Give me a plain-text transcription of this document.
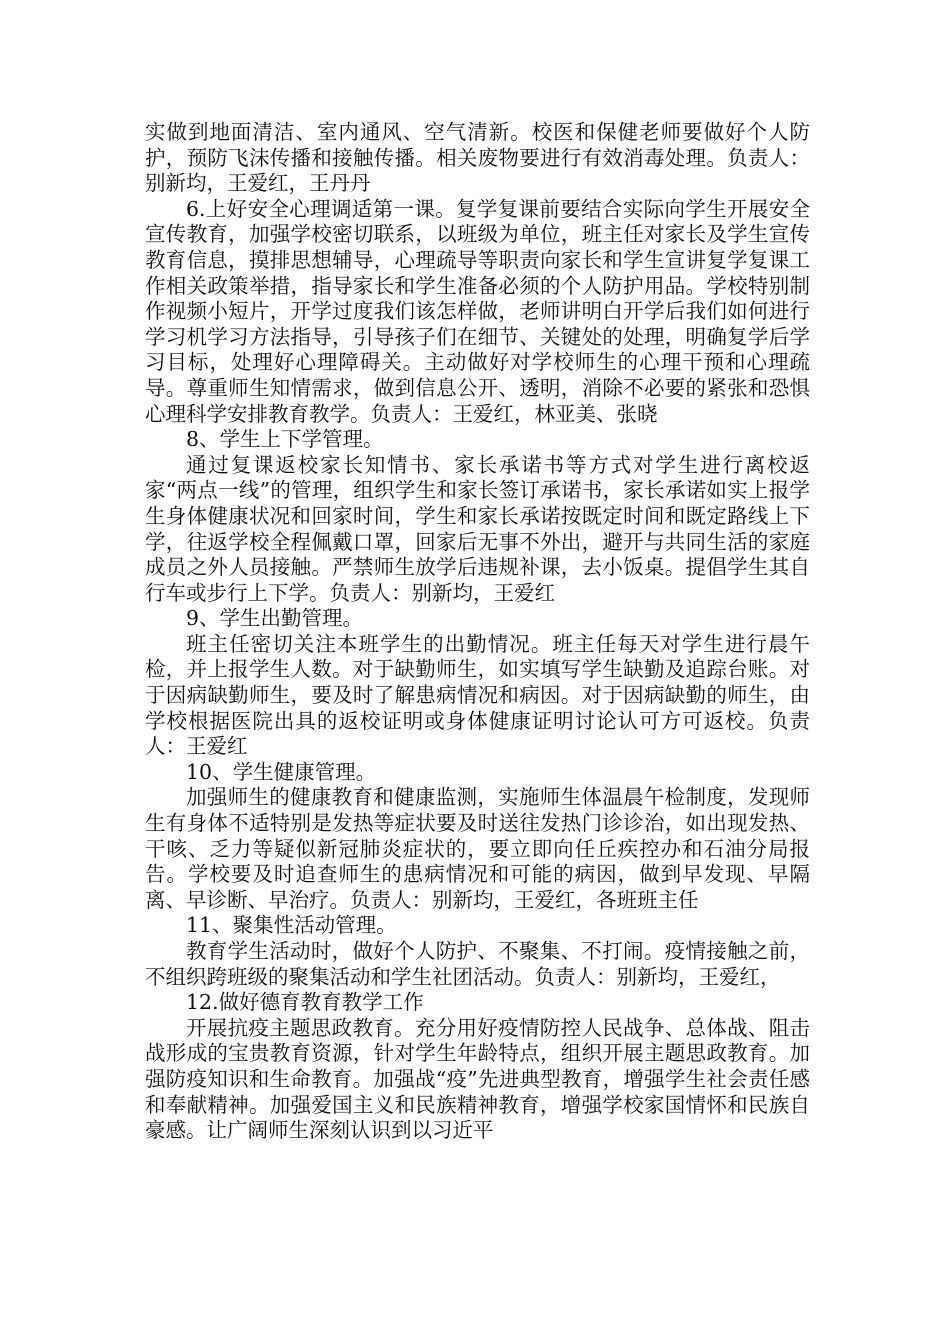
实做到地面清洁、室内通风、空气清新。校医和保健老师要做好个人防护，预防飞沫传播和接触传播。相关废物要进行有效消毒处理。负责人：别新均，王爱红，王丹丹

6.上好安全心理调适第一课。复学复课前要结合实际向学生开展安全宣传教育，加强学校密切联系，以班级为单位，班主任对家长及学生宣传教育信息，摸排思想辅导，心理疏导等职责向家长和学生宣讲复学复课工作相关政策举措，指导家长和学生准备必须的个人防护用品。学校特别制作视频小短片，开学过度我们该怎样做，老师讲明白开学后我们如何进行学习机学习方法指导，引导孩子们在细节、关键处的处理，明确复学后学习目标，处理好心理障碍关。主动做好对学校师生的心理干预和心理疏导。尊重师生知情需求，做到信息公开、透明，消除不必要的紧张和恐惧心理科学安排教育教学。负责人：王爱红，林亚美、张晓

8、学生上下学管理。

通过复课返校家长知情书、家长承诺书等方式对学生进行离校返家“两点一线”的管理，组织学生和家长签订承诺书，家长承诺如实上报学生身体健康状况和回家时间，学生和家长承诺按既定时间和既定路线上下学，往返学校全程佩戴口罩，回家后无事不外出，避开与共同生活的家庭成员之外人员接触。严禁师生放学后违规补课，去小饭桌。提倡学生其自行车或步行上下学。负责人：别新均，王爱红

9、学生出勤管理。

班主任密切关注本班学生的出勤情况。班主任每天对学生进行晨午检，并上报学生人数。对于缺勤师生，如实填写学生缺勤及追踪台账。对于因病缺勤师生，要及时了解患病情况和病因。对于因病缺勤的师生，由学校根据医院出具的返校证明或身体健康证明讨论认可方可返校。负责人：王爱红

10、学生健康管理。

加强师生的健康教育和健康监测，实施师生体温晨午检制度，发现师生有身体不适特别是发热等症状要及时送往发热门诊诊治，如出现发热、干咳、乏力等疑似新冠肺炎症状的，要立即向任丘疾控办和石油分局报告。学校要及时追查师生的患病情况和可能的病因，做到早发现、早隔离、早诊断、早治疗。负责人：别新均，王爱红，各班班主任

11、聚集性活动管理。

教育学生活动时，做好个人防护、不聚集、不打闹。疫情接触之前，不组织跨班级的聚集活动和学生社团活动。负责人：别新均，王爱红，

12.做好德育教育教学工作

开展抗疫主题思政教育。充分用好疫情防控人民战争、总体战、阻击战形成的宝贵教育资源，针对学生年龄特点，组织开展主题思政教育。加强防疫知识和生命教育。加强战“疫”先进典型教育，增强学生社会责任感和奉献精神。加强爱国主义和民族精神教育，增强学校家国情怀和民族自豪感。让广阔师生深刻认识到以习近平
